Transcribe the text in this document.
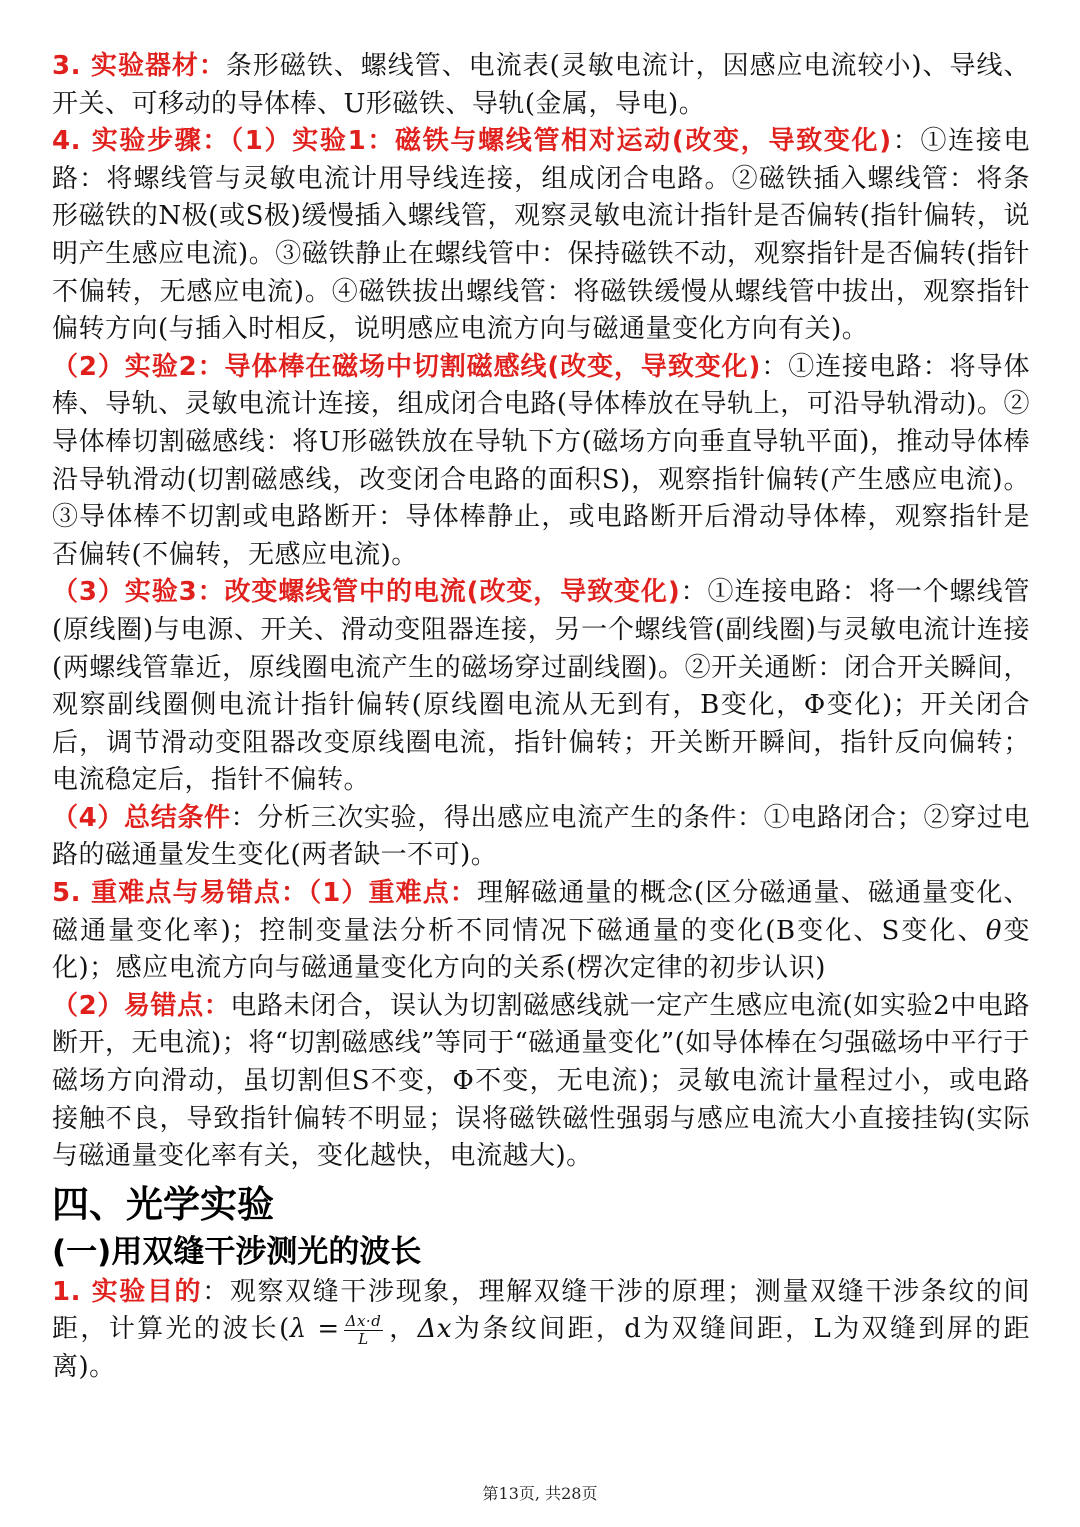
3. 实验器材：条形磁铁、螺线管、电流表(灵敏电流计，因感应电流较小)、导线、开关、可移动的导体棒、U形磁铁、导轨(金属，导电)。

4. 实验步骤：（1）实验1：磁铁与螺线管相对运动(改变，导致变化)：①连接电路：将螺线管与灵敏电流计用导线连接，组成闭合电路。②磁铁插入螺线管：将条形磁铁的N极(或S极)缓慢插入螺线管，观察灵敏电流计指针是否偏转(指针偏转，说明产生感应电流)。③磁铁静止在螺线管中：保持磁铁不动，观察指针是否偏转(指针不偏转，无感应电流)。④磁铁拔出螺线管：将磁铁缓慢从螺线管中拔出，观察指针偏转方向(与插入时相反，说明感应电流方向与磁通量变化方向有关)。

（2）实验2：导体棒在磁场中切割磁感线(改变，导致变化)：①连接电路：将导体棒、导轨、灵敏电流计连接，组成闭合电路(导体棒放在导轨上，可沿导轨滑动)。②导体棒切割磁感线：将U形磁铁放在导轨下方(磁场方向垂直导轨平面)，推动导体棒沿导轨滑动(切割磁感线，改变闭合电路的面积S)，观察指针偏转(产生感应电流)。③导体棒不切割或电路断开：导体棒静止，或电路断开后滑动导体棒，观察指针是否偏转(不偏转，无感应电流)。

（3）实验3：改变螺线管中的电流(改变，导致变化)：①连接电路：将一个螺线管(原线圈)与电源、开关、滑动变阻器连接，另一个螺线管(副线圈)与灵敏电流计连接(两螺线管靠近，原线圈电流产生的磁场穿过副线圈)。②开关通断：闭合开关瞬间，观察副线圈侧电流计指针偏转(原线圈电流从无到有，B变化，Φ变化)；开关闭合后，调节滑动变阻器改变原线圈电流，指针偏转；开关断开瞬间，指针反向偏转；电流稳定后，指针不偏转。

（4）总结条件：分析三次实验，得出感应电流产生的条件：①电路闭合；②穿过电路的磁通量发生变化(两者缺一不可)。

5. 重难点与易错点：（1）重难点：理解磁通量的概念(区分磁通量、磁通量变化、磁通量变化率)；控制变量法分析不同情况下磁通量的变化(B变化、S变化、θ变化)；感应电流方向与磁通量变化方向的关系(楞次定律的初步认识)

（2）易错点：电路未闭合，误认为切割磁感线就一定产生感应电流(如实验2中电路断开，无电流)；将“切割磁感线”等同于“磁通量变化”(如导体棒在匀强磁场中平行于磁场方向滑动，虽切割但S不变，Φ不变，无电流)；灵敏电流计量程过小，或电路接触不良，导致指针偏转不明显；误将磁铁磁性强弱与感应电流大小直接挂钩(实际与磁通量变化率有关，变化越快，电流越大)。

四、光学实验
(一)用双缝干涉测光的波长

1. 实验目的：观察双缝干涉现象，理解双缝干涉的原理；测量双缝干涉条纹的间距，计算光的波长($\lambda = \frac{\Delta x\cdot d}{L}$ ，Δx为条纹间距，d为双缝间距，L为双缝到屏的距离)。

第13页, 共28页
